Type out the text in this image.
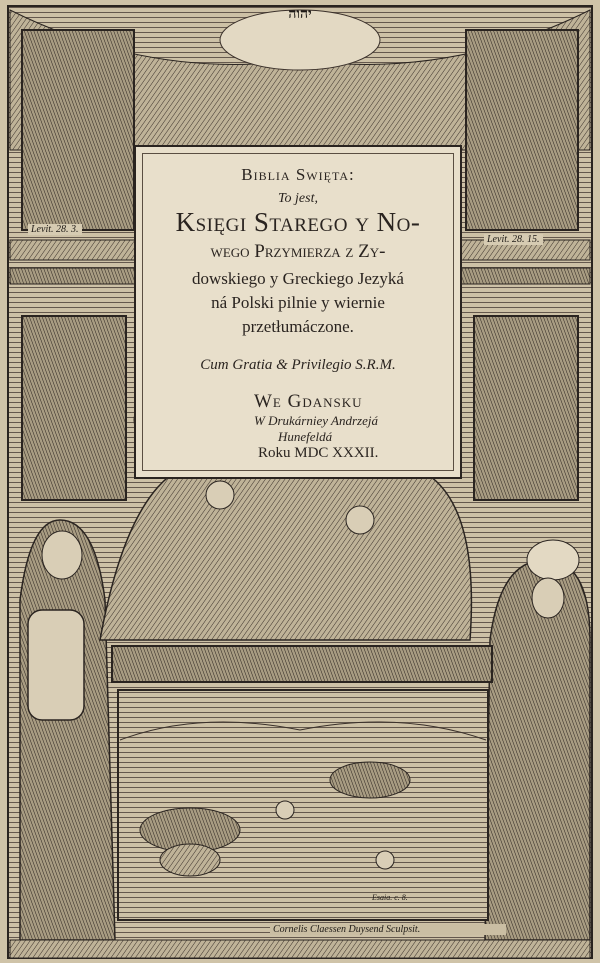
יהוה
Levit. 28. 3.
Levit. 28. 15.
Biblia Swięta:
To jest,
Księgi Starego y No-
wego Przymierza z Zy-
dowskiego y Greckiego Jezyká
ná Polski pilnie y wiernie
przetłumáczone.
Cum Gratia & Privilegio S.R.M.
We Gdansku
W Drukárniey Andrzejá
Hunefeldá
Roku MDC XXXII.
Esaia. c. 8.
Cornelis Claessen Duysend Sculpsit.
